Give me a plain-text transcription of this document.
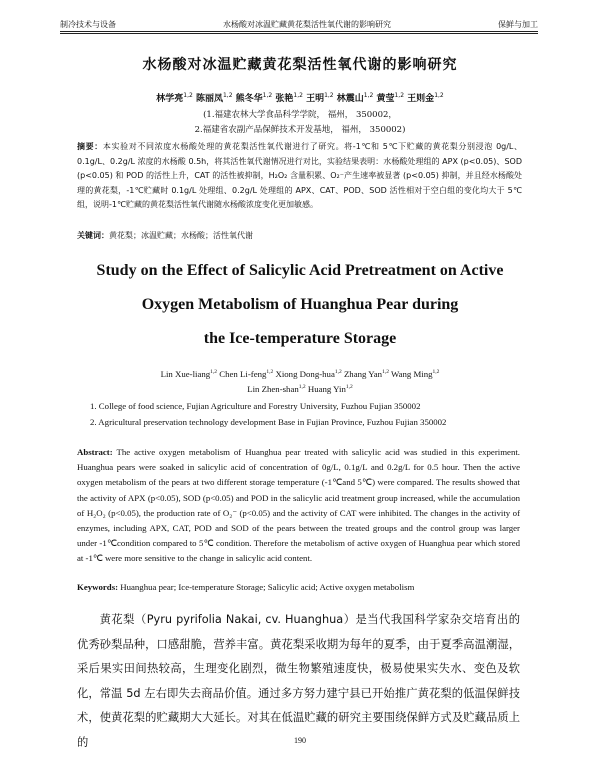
制冷技术与设备	水杨酸对冰温贮藏黄花梨活性氧代谢的影响研究	保鲜与加工
水杨酸对冰温贮藏黄花梨活性氧代谢的影响研究
林学亮$^{1,2}$ 陈丽凤$^{1,2}$ 熊冬华$^{1,2}$ 张艳$^{1,2}$ 王明$^{1,2}$ 林震山$^{1,2}$ 黄莹$^{1,2}$ 王则金$^{1,2}$
(1.福建农林大学食品科学学院， 福州， 350002，
2.福建省农副产品保鲜技术开发基地， 福州， 350002)
摘要：本实验对不同浓度水杨酸处理的黄花梨活性氧代谢进行了研究。将-1℃和 5℃下贮藏的黄花梨分别浸泡 0g/L、0.1g/L、0.2g/L 浓度的水杨酸 0.5h，将其活性氧代谢情况进行对比，实验结果表明：水杨酸处理组的 APX (p<0.05)、SOD (p<0.05) 和 POD 的活性上升，CAT 的活性被抑制，H₂O₂ 含量积累、O₂⁻产生速率被显著 (p<0.05) 抑制，并且经水杨酸处理的黄花梨，-1℃贮藏时 0.1g/L 处理组、0.2g/L 处理组的 APX、CAT、POD、SOD 活性相对于空白组的变化均大于 5℃组，说明-1℃贮藏的黄花梨活性氧代谢随水杨酸浓度变化更加敏感。
关键词：黄花梨；冰温贮藏；水杨酸；活性氧代谢
Study on the Effect of Salicylic Acid Pretreatment on Active
Oxygen Metabolism of Huanghua Pear during
the Ice-temperature Storage
Lin Xue-liang$^{1,2}$ Chen Li-feng$^{1,2}$ Xiong Dong-hua$^{1,2}$ Zhang Yan$^{1,2}$ Wang Ming$^{1,2}$
Lin Zhen-shan$^{1,2}$ Huang Yin$^{1,2}$
1. College of food science, Fujian Agriculture and Forestry University, Fuzhou Fujian 350002
2. Agricultural preservation technology development Base in Fujian Province, Fuzhou Fujian 350002
Abstract: The active oxygen metabolism of Huanghua pear treated with salicylic acid was studied in this experiment. Huanghua pears were soaked in salicylic acid of concentration of 0g/L, 0.1g/L and 0.2g/L for 0.5 hour. Then the active oxygen metabolism of the pears at two different storage temperature (-1℃and 5℃) were compared. The results showed that the activity of APX (p<0.05), SOD (p<0.05) and POD in the salicylic acid treatment group increased, while the accumulation of H₂O₂ (p<0.05), the production rate of O₂⁻ (p<0.05) and the activity of CAT were inhibited. The changes in the activity of enzymes, including APX, CAT, POD and SOD of the pears between the treated groups and the control group was larger under -1℃condition compared to 5℃ condition. Therefore the metabolism of active oxygen of Huanghua pear which stored at -1℃ were more sensitive to the change in salicylic acid content.
Keywords: Huanghua pear; Ice-temperature Storage; Salicylic acid; Active oxygen metabolism
黄花梨（Pyru pyrifolia Nakai, cv. Huanghua）是当代我国科学家杂交培育出的优秀砂梨品种，口感甜脆，营养丰富。黄花梨采收期为每年的夏季，由于夏季高温潮湿，采后果实田间热较高，生理变化剧烈，微生物繁殖速度快，极易使果实失水、变色及软化，常温 5d 左右即失去商品价值。通过多方努力建宁县已开始推广黄花梨的低温保鲜技术，使黄花梨的贮藏期大大延长。对其在低温贮藏的研究主要围绕保鲜方式及贮藏品质上的	190
